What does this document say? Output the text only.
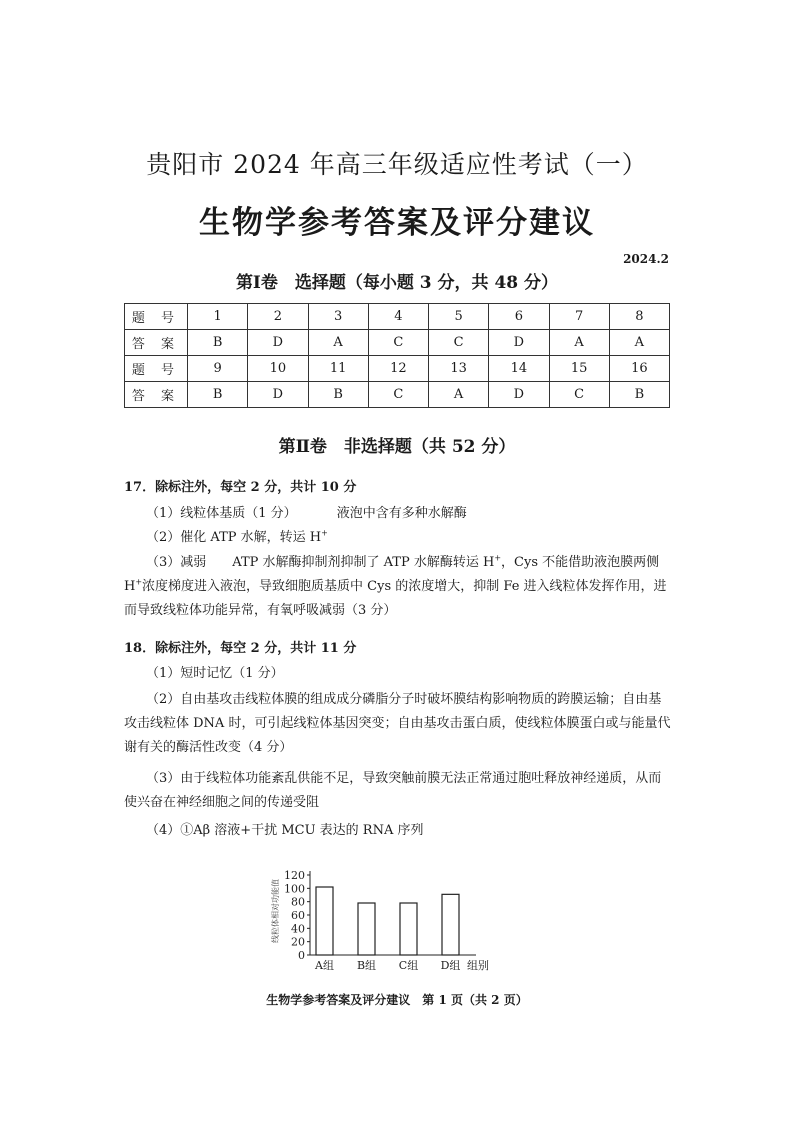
贵阳市 2024 年高三年级适应性考试（一）
生物学参考答案及评分建议
2024.2
第Ⅰ卷　选择题（每小题 3 分，共 48 分）
题 号	1	2	3	4	5	6	7	8
答 案	B	D	A	C	C	D	A	A
题 号	9	10	11	12	13	14	15	16
答 案	B	D	B	C	A	D	C	B
第Ⅱ卷　非选择题（共 52 分）
17．除标注外，每空 2 分，共计 10 分
（1）线粒体基质（1 分）	液泡中含有多种水解酶
（2）催化 ATP 水解，转运 H+
（3）减弱　　ATP 水解酶抑制剂抑制了 ATP 水解酶转运 H+，Cys 不能借助液泡膜两侧H+浓度梯度进入液泡，导致细胞质基质中 Cys 的浓度增大，抑制 Fe 进入线粒体发挥作用，进而导致线粒体功能异常，有氧呼吸减弱（3 分）
18．除标注外，每空 2 分，共计 11 分
（1）短时记忆（1 分）
（2）自由基攻击线粒体膜的组成成分磷脂分子时破坏膜结构影响物质的跨膜运输；自由基攻击线粒体 DNA 时，可引起线粒体基因突变；自由基攻击蛋白质，使线粒体膜蛋白或与能量代谢有关的酶活性改变（4 分）
（3）由于线粒体功能紊乱供能不足，导致突触前膜无法正常通过胞吐释放神经递质，从而使兴奋在神经细胞之间的传递受阻
（4）①Aβ 溶液+干扰 MCU 表达的 RNA 序列
0
20
40
60
80
100
120
线粒体相对功能值
A组 B组 C组 D组 组别
生物学参考答案及评分建议　第 1 页（共 2 页）
